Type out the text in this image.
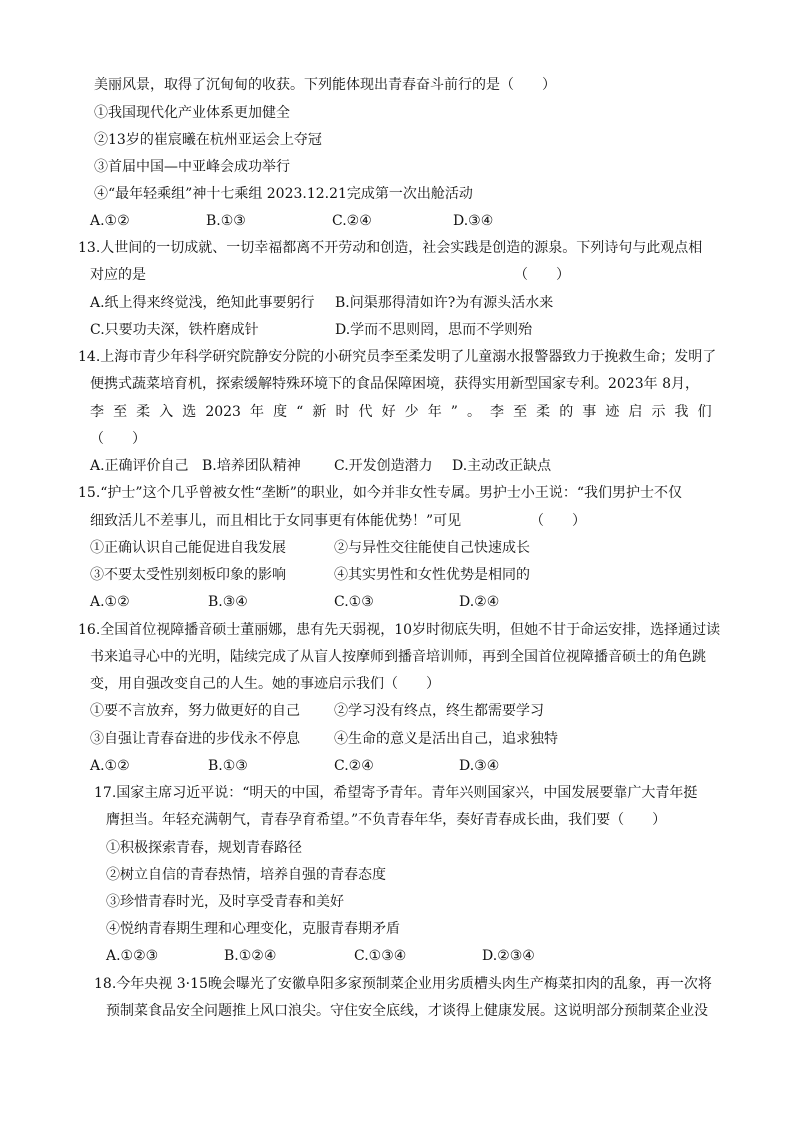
美丽风景，取得了沉甸甸的收获。下列能体现出青春奋斗前行的是（　　）
①我国现代化产业体系更加健全
②13岁的崔宸曦在杭州亚运会上夺冠
③首届中国—中亚峰会成功举行
④“最年轻乘组”神十七乘组 2023.12.21完成第一次出舱活动
A.①②	B.①③	C.②④	D.③④
13.人世间的一切成就、一切幸福都离不开劳动和创造，社会实践是创造的源泉。下列诗句与此观点相
对应的是	（　　）
A.纸上得来终觉浅，绝知此事要躬行 B.问渠那得清如许?为有源头活水来
C.只要功夫深，铁杵磨成针	D.学而不思则罔，思而不学则殆
14.上海市青少年科学研究院静安分院的小研究员李至柔发明了儿童溺水报警器致力于挽救生命；发明了
便携式蔬菜培育机，探索缓解特殊环境下的食品保障困境，获得实用新型国家专利。2023年 8月，
李 至 柔 入 选 2023 年 度 “ 新 时 代 好 少 年 ” 。 李 至 柔 的 事 迹 启 示 我 们
（　　）
A.正确评价自己 B.培养团队精神 C.开发创造潜力 D.主动改正缺点
15.“护士”这个几乎曾被女性“垄断”的职业，如今并非女性专属。男护士小王说：“我们男护士不仅
细致活儿不差事儿，而且相比于女同事更有体能优势！”可见	（　　）
①正确认识自己能促进自我发展	②与异性交往能使自己快速成长
③不要太受性别刻板印象的影响	④其实男性和女性优势是相同的
A.①②	B.③④	C.①③	D.②④
16.全国首位视障播音硕士董丽娜，患有先天弱视，10岁时彻底失明，但她不甘于命运安排，选择通过读
书来追寻心中的光明，陆续完成了从盲人按摩师到播音培训师，再到全国首位视障播音硕士的角色跳
变，用自强改变自己的人生。她的事迹启示我们（　　）
①要不言放弃，努力做更好的自己 ②学习没有终点，终生都需要学习
③自强让青春奋进的步伐永不停息 ④生命的意义是活出自己，追求独特
A.①②	B.①③	C.②④	D.③④
17.国家主席习近平说：“明天的中国，希望寄予青年。青年兴则国家兴，中国发展要靠广大青年挺
膺担当。年轻充满朝气，青春孕育希望。”不负青春年华，奏好青春成长曲，我们要（　　）
①积极探索青春，规划青春路径
②树立自信的青春热情，培养自强的青春态度
③珍惜青春时光，及时享受青春和美好
④悦纳青春期生理和心理变化，克服青春期矛盾
A.①②③	B.①②④	C.①③④	D.②③④
18.今年央视 3·15晚会曝光了安徽阜阳多家预制菜企业用劣质槽头肉生产梅菜扣肉的乱象，再一次将
预制菜食品安全问题推上风口浪尖。守住安全底线，才谈得上健康发展。这说明部分预制菜企业没
